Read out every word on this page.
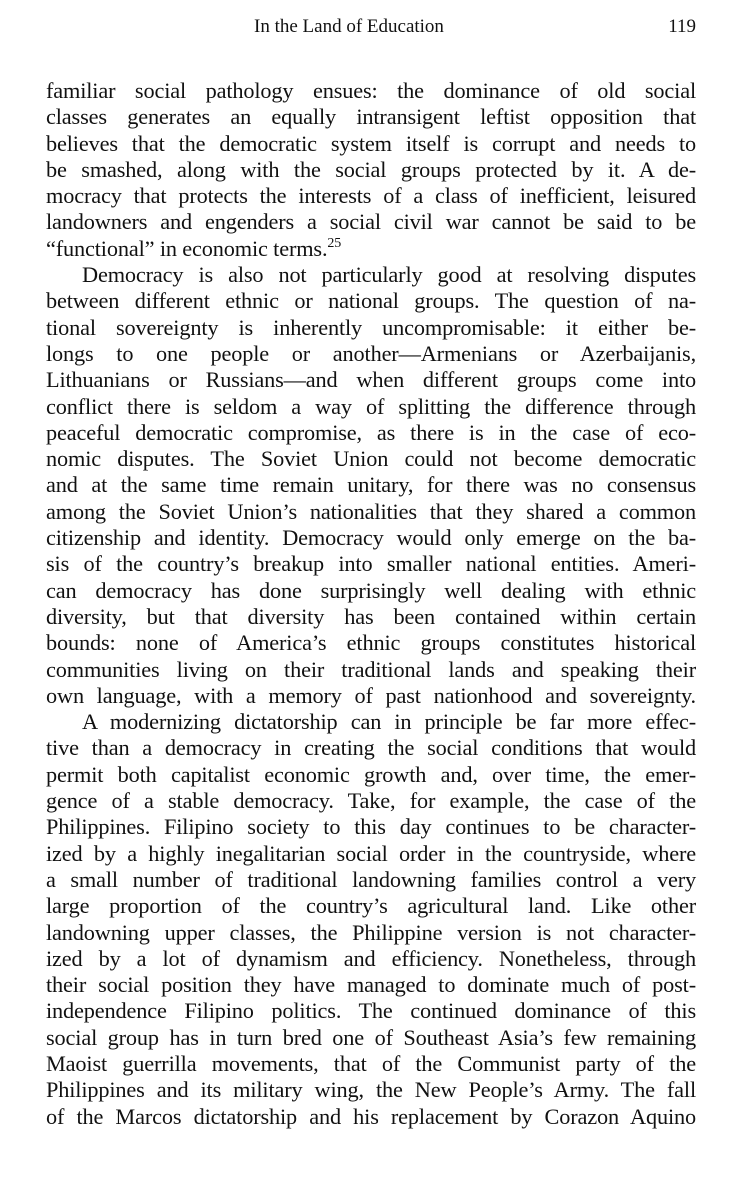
In the Land of Education	119
familiar social pathology ensues: the dominance of old social
classes generates an equally intransigent leftist opposition that
believes that the democratic system itself is corrupt and needs to
be smashed, along with the social groups protected by it. A de-
mocracy that protects the interests of a class of inefficient, leisured
landowners and engenders a social civil war cannot be said to be
“functional” in economic terms.$^{25}$
Democracy is also not particularly good at resolving disputes
between different ethnic or national groups. The question of na-
tional sovereignty is inherently uncompromisable: it either be-
longs to one people or another—Armenians or Azerbaijanis,
Lithuanians or Russians—and when different groups come into
conflict there is seldom a way of splitting the difference through
peaceful democratic compromise, as there is in the case of eco-
nomic disputes. The Soviet Union could not become democratic
and at the same time remain unitary, for there was no consensus
among the Soviet Union’s nationalities that they shared a common
citizenship and identity. Democracy would only emerge on the ba-
sis of the country’s breakup into smaller national entities. Ameri-
can democracy has done surprisingly well dealing with ethnic
diversity, but that diversity has been contained within certain
bounds: none of America’s ethnic groups constitutes historical
communities living on their traditional lands and speaking their
own language, with a memory of past nationhood and sovereignty.
A modernizing dictatorship can in principle be far more effec-
tive than a democracy in creating the social conditions that would
permit both capitalist economic growth and, over time, the emer-
gence of a stable democracy. Take, for example, the case of the
Philippines. Filipino society to this day continues to be character-
ized by a highly inegalitarian social order in the countryside, where
a small number of traditional landowning families control a very
large proportion of the country’s agricultural land. Like other
landowning upper classes, the Philippine version is not character-
ized by a lot of dynamism and efficiency. Nonetheless, through
their social position they have managed to dominate much of post-
independence Filipino politics. The continued dominance of this
social group has in turn bred one of Southeast Asia’s few remaining
Maoist guerrilla movements, that of the Communist party of the
Philippines and its military wing, the New People’s Army. The fall
of the Marcos dictatorship and his replacement by Corazon Aquino
